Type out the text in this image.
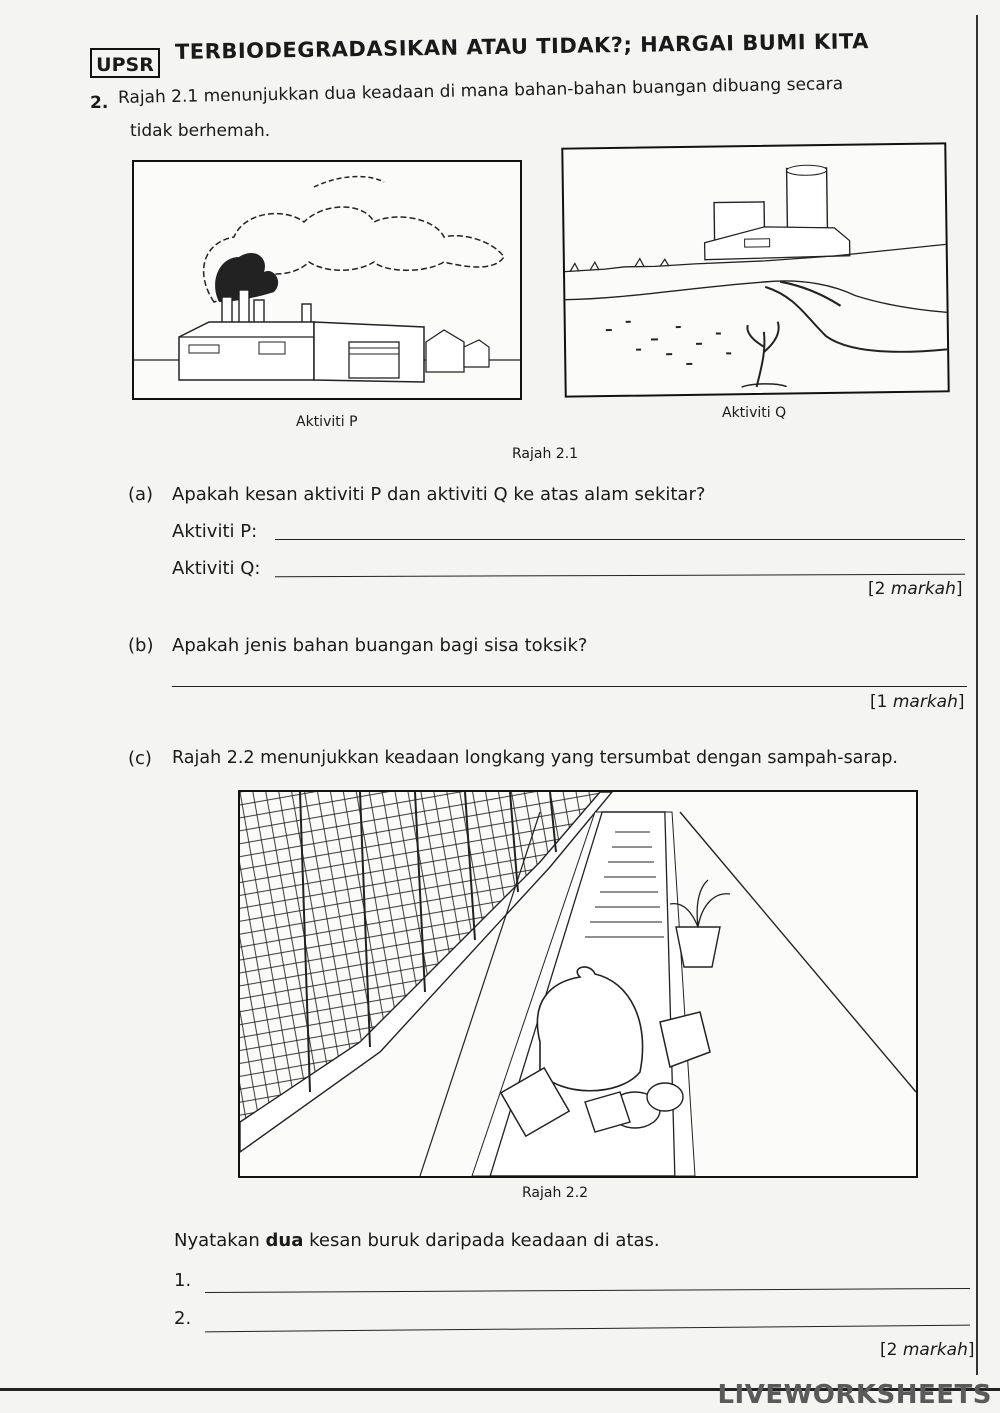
UPSR
TERBIODEGRADASIKAN ATAU TIDAK?; HARGAI BUMI KITA
2. Rajah 2.1 menunjukkan dua keadaan di mana bahan-bahan buangan dibuang secara
tidak berhemah.
Aktiviti P
Aktiviti Q
Rajah 2.1
(a) Apakah kesan aktiviti P dan aktiviti Q ke atas alam sekitar?
Aktiviti P:
Aktiviti Q:
[2 markah]
(b) Apakah jenis bahan buangan bagi sisa toksik?
[1 markah]
(c) Rajah 2.2 menunjukkan keadaan longkang yang tersumbat dengan sampah-sarap.
Rajah 2.2
Nyatakan dua kesan buruk daripada keadaan di atas.
1.
2.
[2 markah]
LIVEWORKSHEETS
